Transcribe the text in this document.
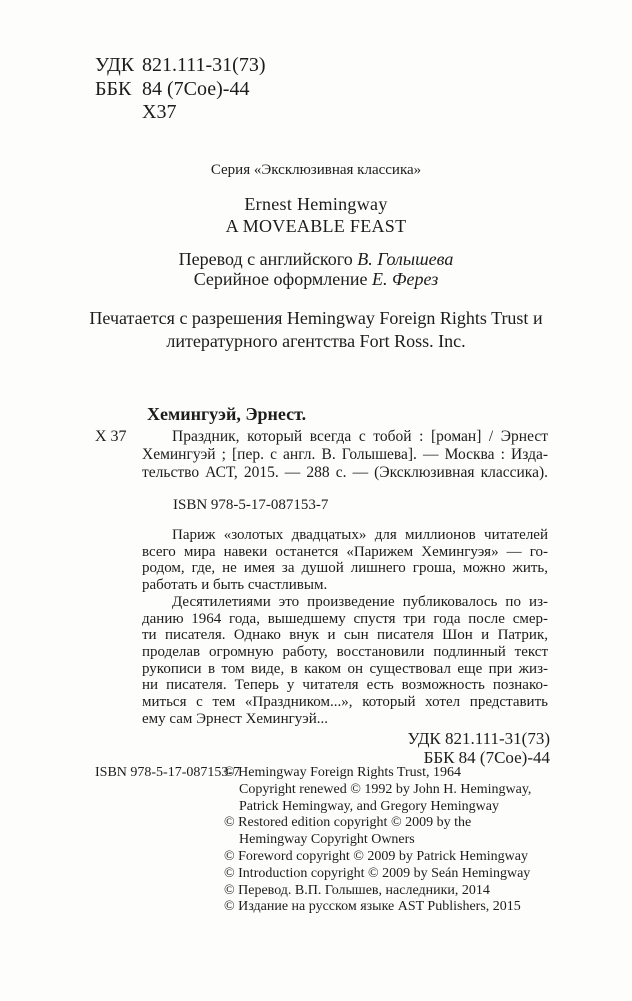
УДК 821.111-31(73)
ББК 84 (7Сое)-44
Х37
Серия «Эксклюзивная классика»
Ernest Hemingway
A MOVEABLE FEAST
Перевод с английского В. Голышева
Серийное оформление Е. Ферез
Печатается с разрешения Hemingway Foreign Rights Trust и
литературного агентства Fort Ross. Inc.
Хемингуэй, Эрнест.
Х 37	Праздник, который всегда с тобой : [роман] / Эрнест
Хемингуэй ; [пер. с англ. В. Голышева]. — Москва : Изда-
тельство АСТ, 2015. — 288 с. — (Эксклюзивная классика).
ISBN 978-5-17-087153-7
Париж «золотых двадцатых» для миллионов читателей
всего мира навеки останется «Парижем Хемингуэя» — го-
родом, где, не имея за душой лишнего гроша, можно жить,
работать и быть счастливым.
Десятилетиями это произведение публиковалось по из-
данию 1964 года, вышедшему спустя три года после смер-
ти писателя. Однако внук и сын писателя Шон и Патрик,
проделав огромную работу, восстановили подлинный текст
рукописи в том виде, в каком он существовал еще при жиз-
ни писателя. Теперь у читателя есть возможность познако-
миться с тем «Праздником...», который хотел представить
ему сам Эрнест Хемингуэй...
УДК 821.111-31(73)
ББК 84 (7Сое)-44
ISBN 978-5-17-087153-7
© Hemingway Foreign Rights Trust, 1964
Copyright renewed © 1992 by John H. Hemingway,
Patrick Hemingway, and Gregory Hemingway
© Restored edition copyright © 2009 by the
Hemingway Copyright Owners
© Foreword copyright © 2009 by Patrick Hemingway
© Introduction copyright © 2009 by Seán Hemingway
© Перевод. В.П. Голышев, наследники, 2014
© Издание на русском языке AST Publishers, 2015
